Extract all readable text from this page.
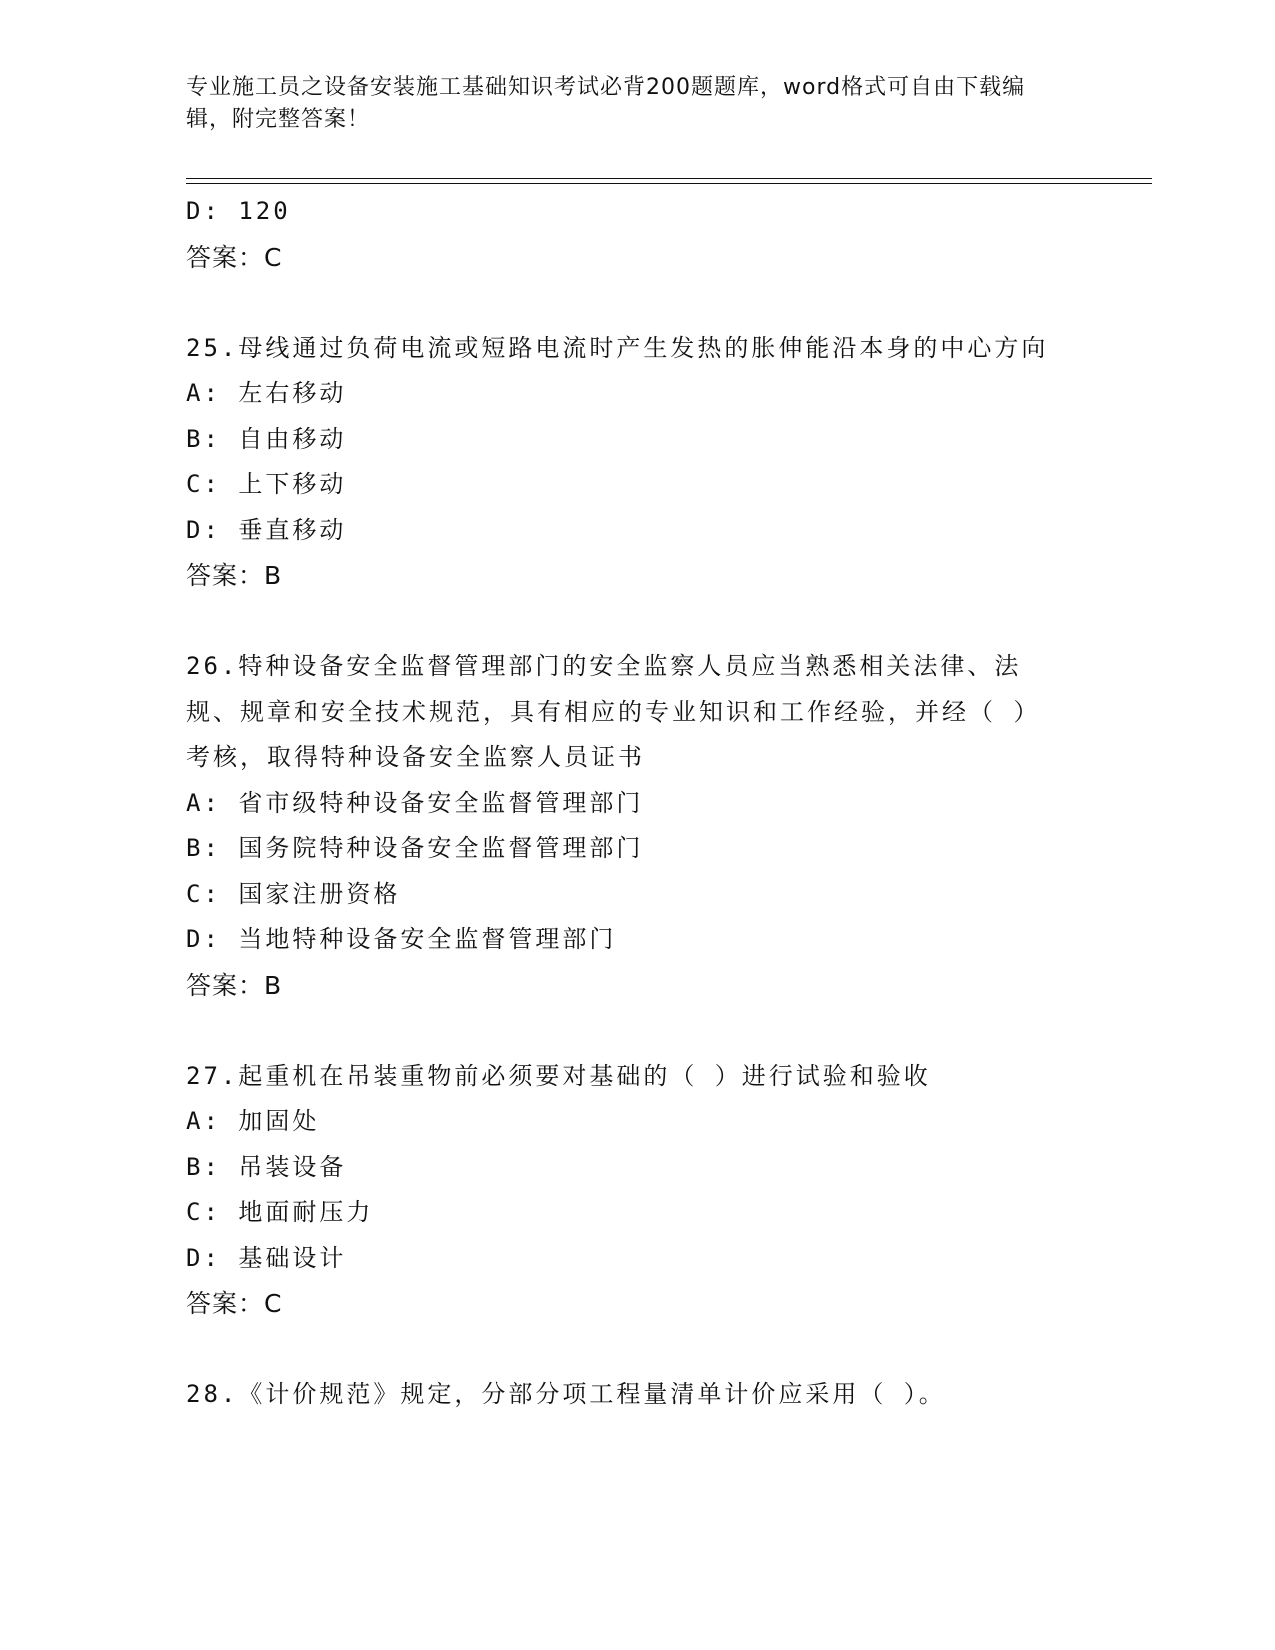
专业施工员之设备安装施工基础知识考试必背200题题库，word格式可自由下载编辑，附完整答案！
D: 120
答案：C
25.母线通过负荷电流或短路电流时产生发热的胀伸能沿本身的中心方向
A: 左右移动
B: 自由移动
C: 上下移动
D: 垂直移动
答案：B
26.特种设备安全监督管理部门的安全监察人员应当熟悉相关法律、法规、规章和安全技术规范，具有相应的专业知识和工作经验，并经（ ）考核，取得特种设备安全监察人员证书
A: 省市级特种设备安全监督管理部门
B: 国务院特种设备安全监督管理部门
C: 国家注册资格
D: 当地特种设备安全监督管理部门
答案：B
27.起重机在吊装重物前必须要对基础的（ ）进行试验和验收
A: 加固处
B: 吊装设备
C: 地面耐压力
D: 基础设计
答案：C
28.《计价规范》规定，分部分项工程量清单计价应采用（ ）。
